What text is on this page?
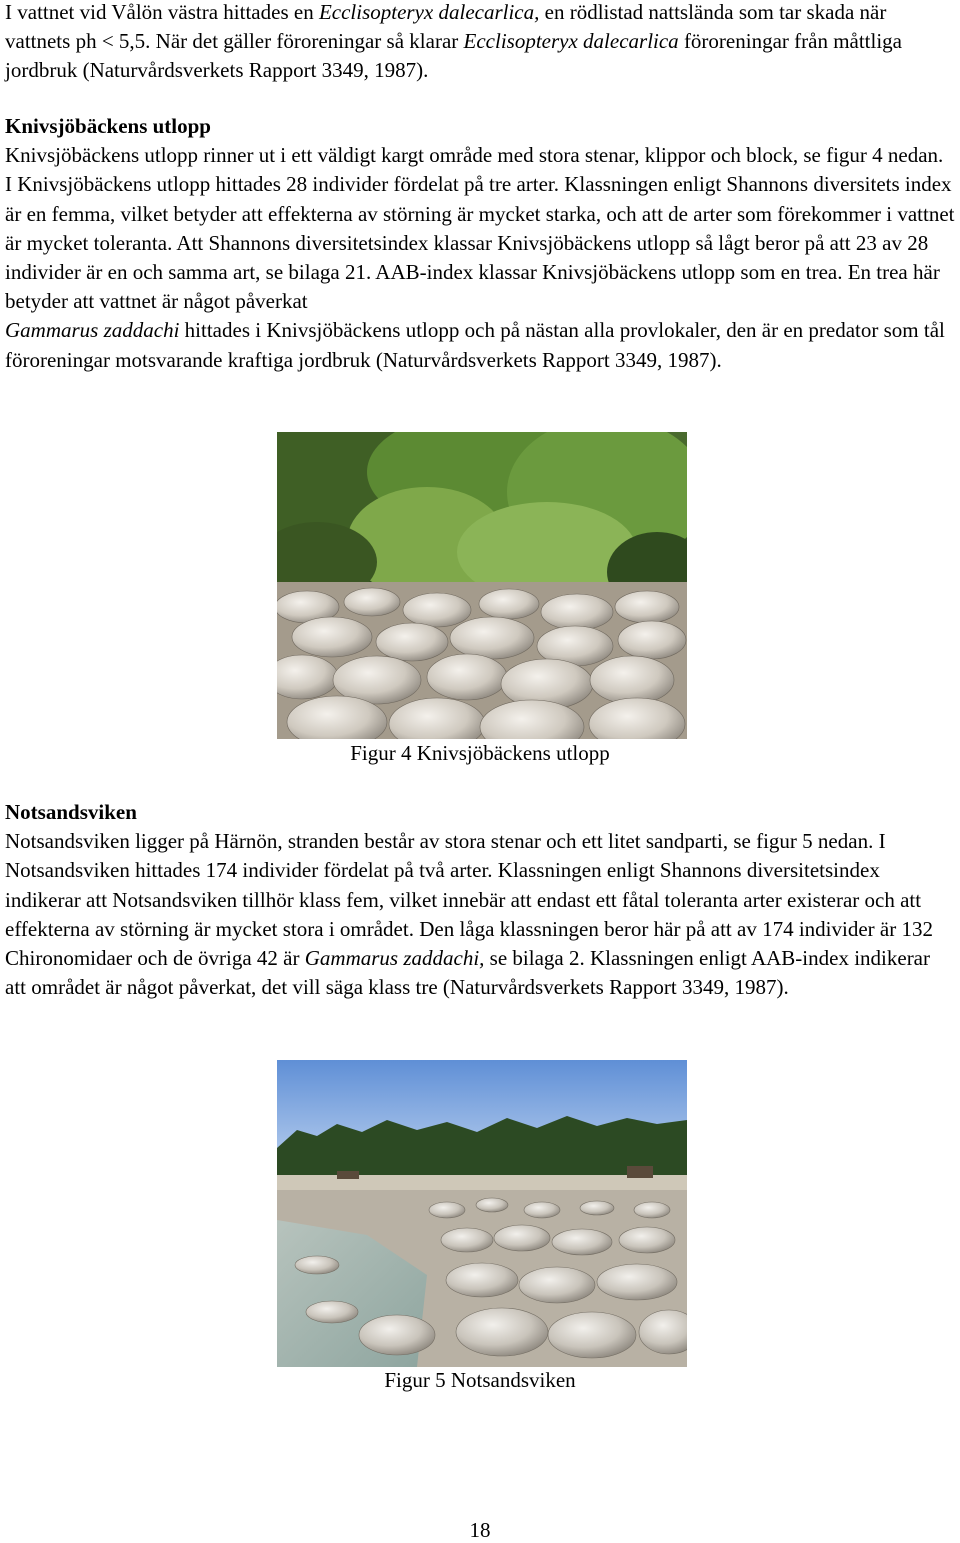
I vattnet vid Vålön västra hittades en Ecclisopteryx dalecarlica, en rödlistad nattslända som tar skada när vattnets ph < 5,5. När det gäller föroreningar så klarar Ecclisopteryx dalecarlica föroreningar från måttliga jordbruk (Naturvårdsverkets Rapport 3349, 1987).

Knivsjöbäckens utlopp

Knivsjöbäckens utlopp rinner ut i ett väldigt kargt område med stora stenar, klippor och block, se figur 4 nedan. I Knivsjöbäckens utlopp hittades 28 individer fördelat på tre arter. Klassningen enligt Shannons diversitets index är en femma, vilket betyder att effekterna av störning är mycket starka, och att de arter som förekommer i vattnet är mycket toleranta. Att Shannons diversitetsindex klassar Knivsjöbäckens utlopp så lågt beror på att 23 av 28 individer är en och samma art, se bilaga 21. AAB-index klassar Knivsjöbäckens utlopp som en trea. En trea här betyder att vattnet är något påverkat
Gammarus zaddachi hittades i Knivsjöbäckens utlopp och på nästan alla provlokaler, den är en predator som tål föroreningar motsvarande kraftiga jordbruk (Naturvårdsverkets Rapport 3349, 1987).

Figur 4 Knivsjöbäckens utlopp
Notsandsviken

Notsandsviken ligger på Härnön, stranden består av stora stenar och ett litet sandparti, se figur 5 nedan. I Notsandsviken hittades 174 individer fördelat på två arter. Klassningen enligt Shannons diversitetsindex indikerar att Notsandsviken tillhör klass fem, vilket innebär att endast ett fåtal toleranta arter existerar och att effekterna av störning är mycket stora i området. Den låga klassningen beror här på att av 174 individer är 132 Chironomidaer och de övriga 42 är Gammarus zaddachi, se bilaga 2. Klassningen enligt AAB-index indikerar att området är något påverkat, det vill säga klass tre (Naturvårdsverkets Rapport 3349, 1987).

Figur 5 Notsandsviken
18
